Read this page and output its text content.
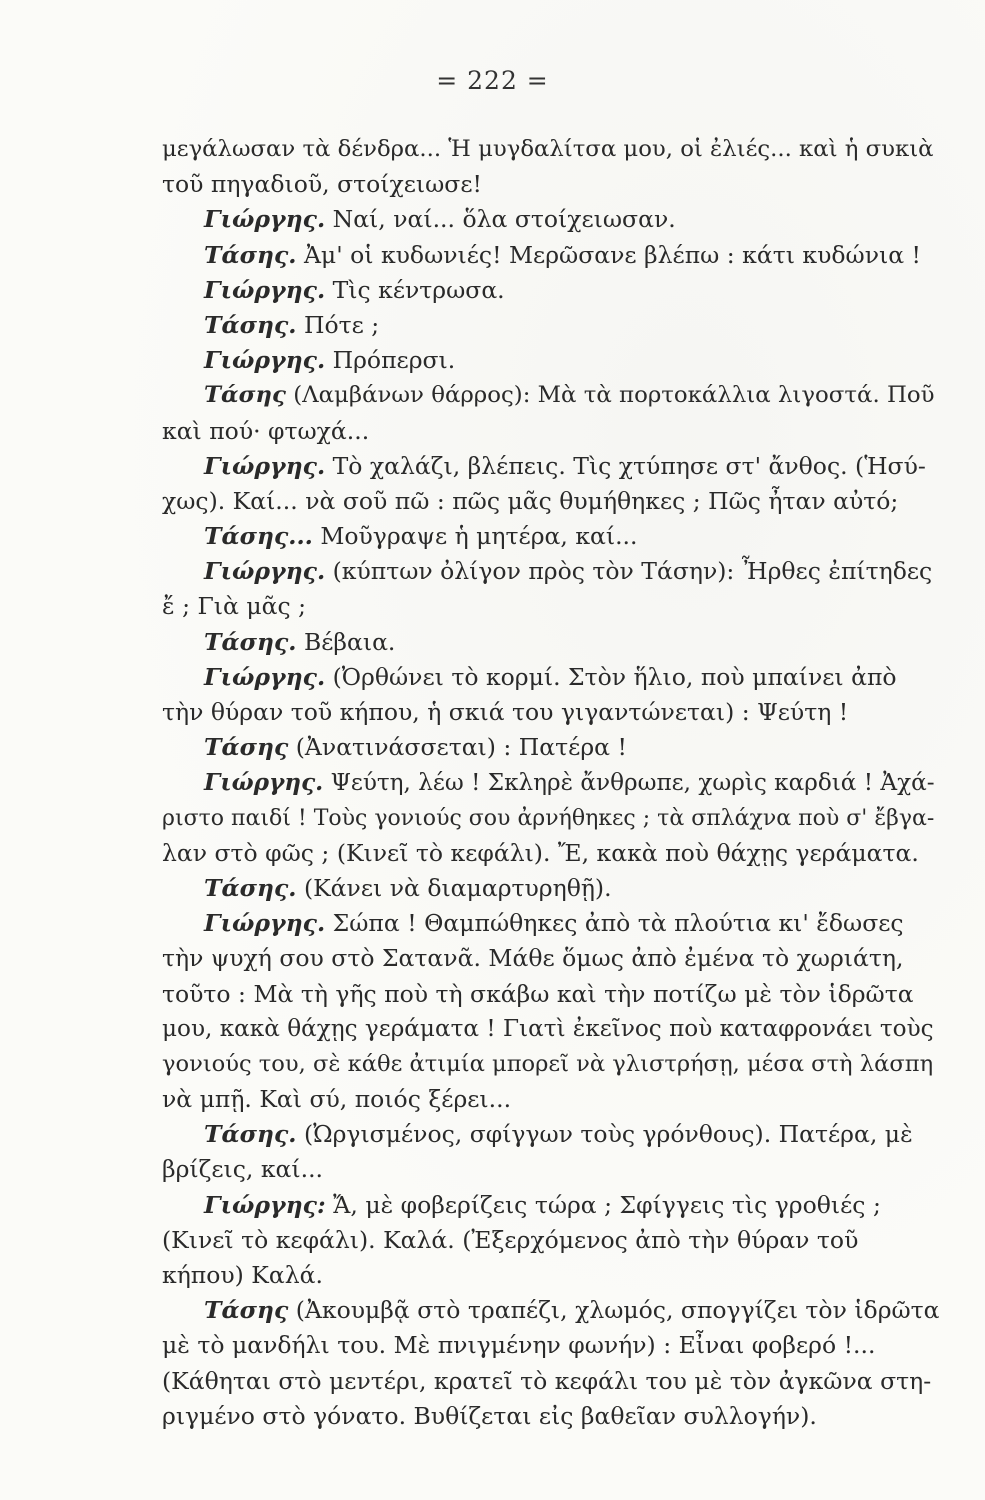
= 222 =
μεγάλωσαν τὰ δένδρα... Ἡ μυγδαλίτσα μου, οἱ ἐλιές... καὶ ἡ συκιὰ
τοῦ πηγαδιοῦ, στοίχειωσε!
Γιώργης. Ναί, ναί... ὅλα στοίχειωσαν.
Τάσης. Ἀμ' οἱ κυδωνιές! Μερῶσανε βλέπω : κάτι κυδώνια !
Γιώργης. Τὶς κέντρωσα.
Τάσης. Πότε ;
Γιώργης. Πρόπερσι.
Τάσης (Λαμβάνων θάρρος): Μὰ τὰ πορτοκάλλια λιγοστά. Ποῦ
καὶ πού· φτωχά...
Γιώργης. Τὸ χαλάζι, βλέπεις. Τὶς χτύπησε στ' ἄνθος. (Ἡσύ-
χως). Καί... νὰ σοῦ πῶ : πῶς μᾶς θυμήθηκες ; Πῶς ἦταν αὐτό;
Τάσης... Μοῦγραψε ἡ μητέρα, καί...
Γιώργης. (κύπτων ὀλίγον πρὸς τὸν Τάσην): Ἦρθες ἐπίτηδες
ἔ ; Γιὰ μᾶς ;
Τάσης. Βέβαια.
Γιώργης. (Ὀρθώνει τὸ κορμί. Στὸν ἥλιο, ποὺ μπαίνει ἀπὸ
τὴν θύραν τοῦ κήπου, ἡ σκιά του γιγαντώνεται) : Ψεύτη !
Τάσης (Ἀνατινάσσεται) : Πατέρα !
Γιώργης. Ψεύτη, λέω ! Σκληρὲ ἄνθρωπε, χωρὶς καρδιά ! Ἀχά-
ριστο παιδί ! Τοὺς γονιούς σου ἀρνήθηκες ; τὰ σπλάχνα ποὺ σ' ἔβγα-
λαν στὸ φῶς ; (Κινεῖ τὸ κεφάλι). Ἔ, κακὰ ποὺ θάχῃς γεράματα.
Τάσης. (Κάνει νὰ διαμαρτυρηθῇ).
Γιώργης. Σώπα ! Θαμπώθηκες ἀπὸ τὰ πλούτια κι' ἔδωσες
τὴν ψυχή σου στὸ Σατανᾶ. Μάθε ὅμως ἀπὸ ἐμένα τὸ χωριάτη,
τοῦτο : Μὰ τὴ γῆς ποὺ τὴ σκάβω καὶ τὴν ποτίζω μὲ τὸν ἱδρῶτα
μου, κακὰ θάχῃς γεράματα ! Γιατὶ ἐκεῖνος ποὺ καταφρονάει τοὺς
γονιούς του, σὲ κάθε ἀτιμία μπορεῖ νὰ γλιστρήσῃ, μέσα στὴ λάσπη
νὰ μπῇ. Καὶ σύ, ποιός ξέρει...
Τάσης. (Ὠργισμένος, σφίγγων τοὺς γρόνθους). Πατέρα, μὲ
βρίζεις, καί...
Γιώργης: Ἄ, μὲ φοβερίζεις τώρα ; Σφίγγεις τὶς γροθιές ;
(Κινεῖ τὸ κεφάλι). Καλά. (Ἐξερχόμενος ἀπὸ τὴν θύραν τοῦ
κήπου) Καλά.
Τάσης (Ἀκουμβᾷ στὸ τραπέζι, χλωμός, σπογγίζει τὸν ἱδρῶτα
μὲ τὸ μανδήλι του. Μὲ πνιγμένην φωνήν) : Εἶναι φοβερό !...
(Κάθηται στὸ μεντέρι, κρατεῖ τὸ κεφάλι του μὲ τὸν ἀγκῶνα στη-
ριγμένο στὸ γόνατο. Βυθίζεται εἰς βαθεῖαν συλλογήν).
